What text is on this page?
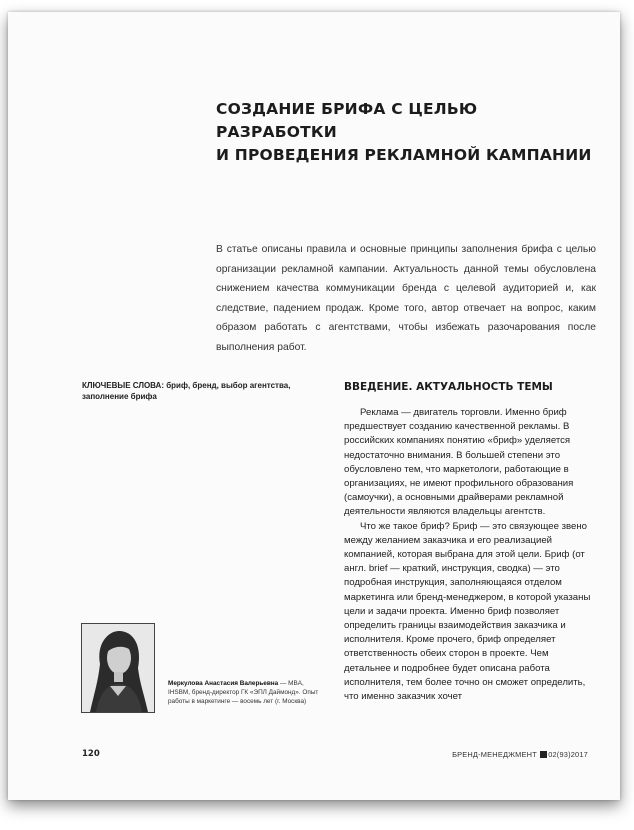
СОЗДАНИЕ БРИФА С ЦЕЛЬЮ РАЗРАБОТКИ
И ПРОВЕДЕНИЯ РЕКЛАМНОЙ КАМПАНИИ

В статье описаны правила и основные принципы заполнения брифа с целью организации рекламной кампании. Актуальность данной темы обусловлена снижением качества коммуникации бренда с целевой аудиторией и, как следствие, падением продаж. Кроме того, автор отвечает на вопрос, каким образом работать с агентствами, чтобы избежать разочарования после выполнения работ.

КЛЮЧЕВЫЕ СЛОВА: бриф, бренд, выбор агентства, заполнение брифа

ВВЕДЕНИЕ. АКТУАЛЬНОСТЬ ТЕМЫ

Реклама — двигатель торговли. Именно бриф предшествует созданию качественной рекламы. В российских компаниях понятию «бриф» уделяется недостаточно внимания. В большей степени это обусловлено тем, что маркетологи, работающие в организациях, не имеют профильного образования (самоучки), а основными драйверами рекламной деятельности являются владельцы агентств.

Что же такое бриф? Бриф — это связующее звено между желанием заказчика и его реализацией компанией, которая выбрана для этой цели. Бриф (от англ. brief — краткий, инструкция, сводка) — это подробная инструкция, заполняющаяся отделом маркетинга или бренд-менеджером, в которой указаны цели и задачи проекта. Именно бриф позволяет определить границы взаимодействия заказчика и исполнителя. Кроме прочего, бриф определяет ответственность обеих сторон в проекте. Чем детальнее и подробнее будет описана работа исполнителя, тем более точно он сможет определить, что именно заказчик хочет

Меркулова Анастасия Валерьевна — MBA, IHSBM, бренд-директор ГК «ЭПЛ Даймонд». Опыт работы в маркетинге — восемь лет (г. Москва)

120	БРЕНД-МЕНЕДЖМЕНТ 02(93)2017
